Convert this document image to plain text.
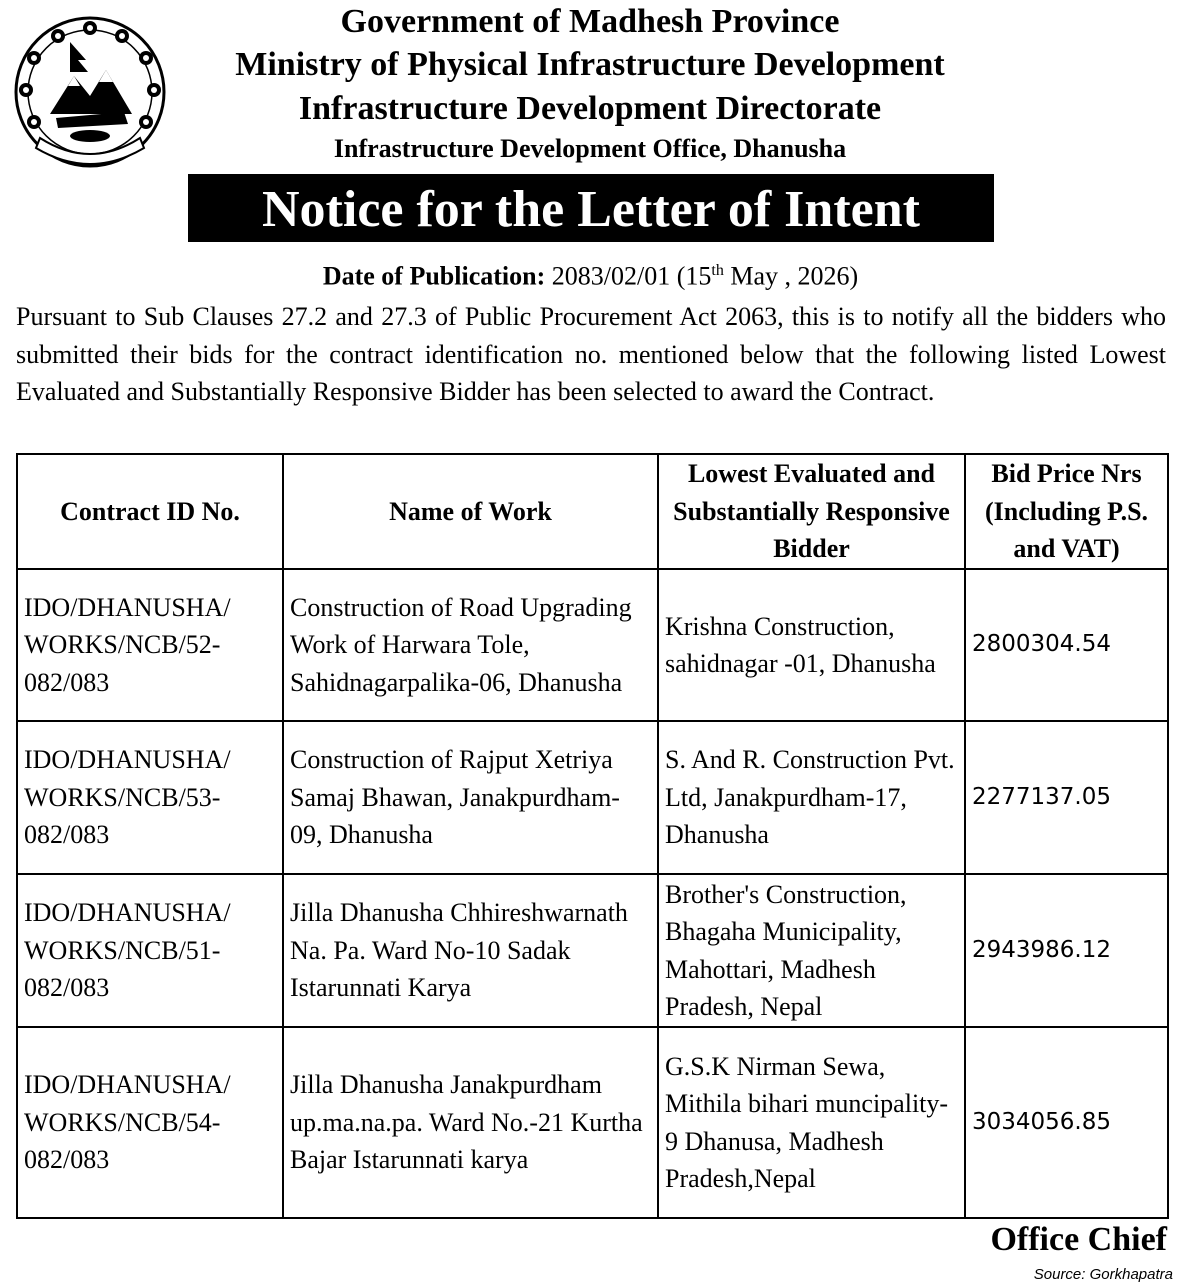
Government of Madhesh Province
Ministry of Physical Infrastructure Development
Infrastructure Development Directorate
Infrastructure Development Office, Dhanusha
Notice for the Letter of Intent
Date of Publication: 2083/02/01 (15th May , 2026)
Pursuant to Sub Clauses 27.2 and 27.3 of Public Procurement Act 2063, this is to notify all the bidders who submitted their bids for the contract identification no. mentioned below that the following listed Lowest Evaluated and Substantially Responsive Bidder has been selected to award the Contract.
Contract ID No.	Name of Work	Lowest Evaluated and Substantially Responsive Bidder	Bid Price Nrs (Including P.S. and VAT)
IDO/DHANUSHA/ WORKS/NCB/52- 082/083	Construction of Road Upgrading Work of Harwara Tole, Sahidnagarpalika-06, Dhanusha	Krishna Construction, sahidnagar -01, Dhanusha	2800304.54
IDO/DHANUSHA/ WORKS/NCB/53- 082/083	Construction of Rajput Xetriya Samaj Bhawan, Janakpurdham-09, Dhanusha	S. And R. Construction Pvt. Ltd, Janakpurdham-17, Dhanusha	2277137.05
IDO/DHANUSHA/ WORKS/NCB/51- 082/083	Jilla Dhanusha Chhireshwarnath Na. Pa. Ward No-10 Sadak Istarunnati Karya	Brother's Construction, Bhagaha Municipality, Mahottari, Madhesh Pradesh, Nepal	2943986.12
IDO/DHANUSHA/ WORKS/NCB/54- 082/083	Jilla Dhanusha Janakpurdham up.ma.na.pa. Ward No.-21 Kurtha Bajar Istarunnati karya	G.S.K Nirman Sewa, Mithila bihari muncipality-9 Dhanusa, Madhesh Pradesh,Nepal	3034056.85
Office Chief
Source: Gorkhapatra
